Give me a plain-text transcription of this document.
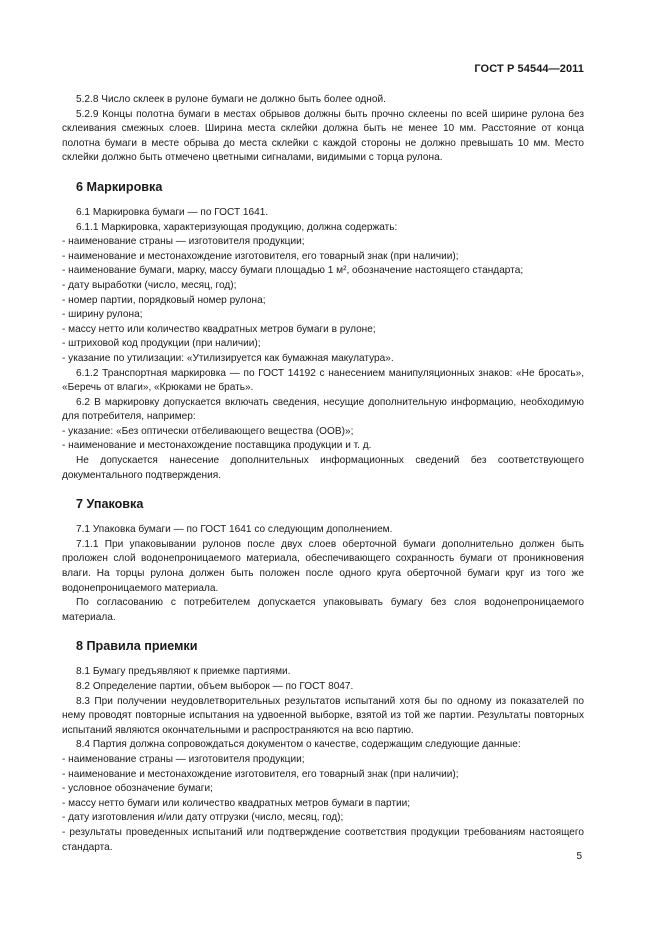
ГОСТ Р 54544—2011

5.2.8 Число склеек в рулоне бумаги не должно быть более одной.

5.2.9 Концы полотна бумаги в местах обрывов должны быть прочно склеены по всей ширине рулона без склеивания смежных слоев. Ширина места склейки должна быть не менее 10 мм. Расстояние от конца полотна бумаги в месте обрыва до места склейки с каждой стороны не должно превышать 10 мм. Место склейки должно быть отмечено цветными сигналами, видимыми с торца рулона.

6 Маркировка

6.1 Маркировка бумаги — по ГОСТ 1641.

6.1.1 Маркировка, характеризующая продукцию, должна содержать:

- наименование страны — изготовителя продукции;

- наименование и местонахождение изготовителя, его товарный знак (при наличии);

- наименование бумаги, марку, массу бумаги площадью 1 м², обозначение настоящего стандарта;

- дату выработки (число, месяц, год);

- номер партии, порядковый номер рулона;

- ширину рулона;

- массу нетто или количество квадратных метров бумаги в рулоне;

- штриховой код продукции (при наличии);

- указание по утилизации: «Утилизируется как бумажная макулатура».

6.1.2 Транспортная маркировка — по ГОСТ 14192 с нанесением манипуляционных знаков: «Не бросать», «Беречь от влаги», «Крюками не брать».

6.2 В маркировку допускается включать сведения, несущие дополнительную информацию, необходимую для потребителя, например:

- указание: «Без оптически отбеливающего вещества (ООВ)»;

- наименование и местонахождение поставщика продукции и т. д.

Не допускается нанесение дополнительных информационных сведений без соответствующего документального подтверждения.

7 Упаковка

7.1 Упаковка бумаги — по ГОСТ 1641 со следующим дополнением.

7.1.1 При упаковывании рулонов после двух слоев оберточной бумаги дополнительно должен быть проложен слой водонепроницаемого материала, обеспечивающего сохранность бумаги от проникновения влаги. На торцы рулона должен быть положен после одного круга оберточной бумаги круг из того же водонепроницаемого материала.

По согласованию с потребителем допускается упаковывать бумагу без слоя водонепроницаемого материала.

8 Правила приемки

8.1 Бумагу предъявляют к приемке партиями.

8.2 Определение партии, объем выборок — по ГОСТ 8047.

8.3 При получении неудовлетворительных результатов испытаний хотя бы по одному из показателей по нему проводят повторные испытания на удвоенной выборке, взятой из той же партии. Результаты повторных испытаний являются окончательными и распространяются на всю партию.

8.4 Партия должна сопровождаться документом о качестве, содержащим следующие данные:

- наименование страны — изготовителя продукции;

- наименование и местонахождение изготовителя, его товарный знак (при наличии);

- условное обозначение бумаги;

- массу нетто бумаги или количество квадратных метров бумаги в партии;

- дату изготовления и/или дату отгрузки (число, месяц, год);

- результаты проведенных испытаний или подтверждение соответствия продукции требованиям настоящего стандарта.

5
